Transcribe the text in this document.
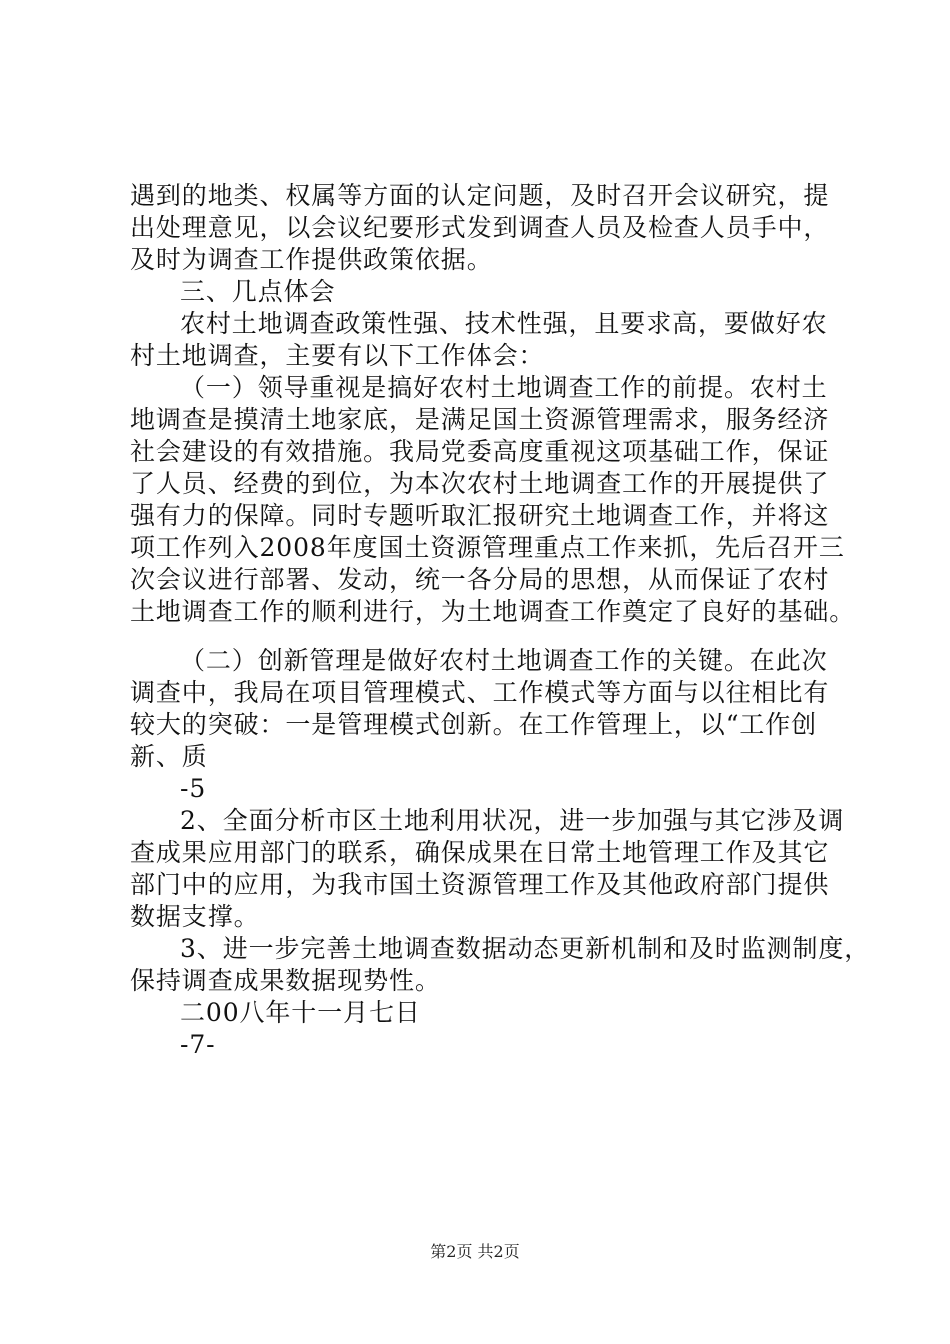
遇到的地类、权属等方面的认定问题，及时召开会议研究，提
出处理意见，以会议纪要形式发到调查人员及检查人员手中，
及时为调查工作提供政策依据。
三、几点体会
农村土地调查政策性强、技术性强，且要求高，要做好农
村土地调查，主要有以下工作体会：
（一）领导重视是搞好农村土地调查工作的前提。农村土
地调查是摸清土地家底，是满足国土资源管理需求，服务经济
社会建设的有效措施。我局党委高度重视这项基础工作，保证
了人员、经费的到位，为本次农村土地调查工作的开展提供了
强有力的保障。同时专题听取汇报研究土地调查工作，并将这
项工作列入2008年度国土资源管理重点工作来抓，先后召开三
次会议进行部署、发动，统一各分局的思想，从而保证了农村
土地调查工作的顺利进行，为土地调查工作奠定了良好的基础。
（二）创新管理是做好农村土地调查工作的关键。在此次
调查中，我局在项目管理模式、工作模式等方面与以往相比有
较大的突破：一是管理模式创新。在工作管理上，以“工作创
新、质
-5
2、全面分析市区土地利用状况，进一步加强与其它涉及调
查成果应用部门的联系，确保成果在日常土地管理工作及其它
部门中的应用，为我市国土资源管理工作及其他政府部门提供
数据支撑。
3、进一步完善土地调查数据动态更新机制和及时监测制度，
保持调查成果数据现势性。
二00八年十一月七日
-7-
第2页 共2页
